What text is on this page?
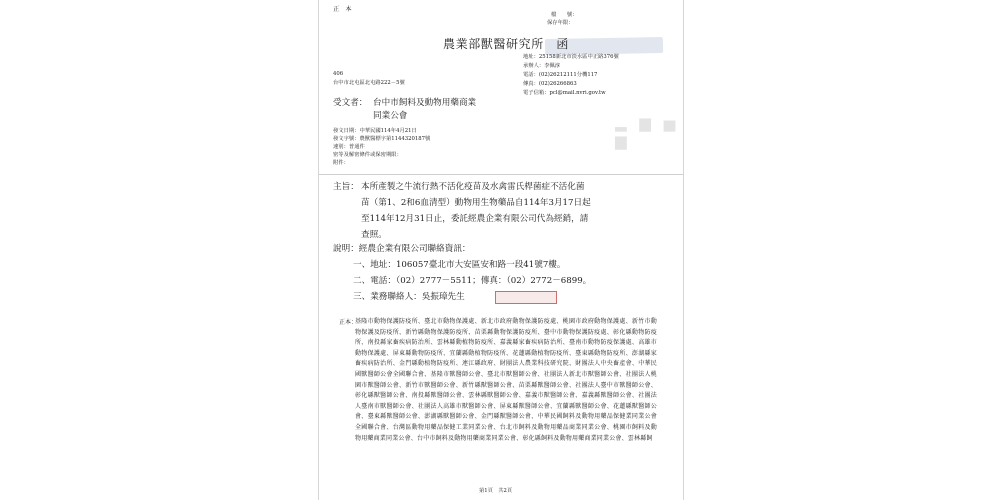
正　本
檔　　號：
保存年限：
農業部獸醫研究所　函
地址：25158新北市淡水區中正路376號
承辦人：李佩淳
電話：(02)26212111分機117
傳真：(02)26266863
電子信箱：pcl@mail.nvri.gov.tw
406
台中市北屯區北屯路222－5號
▂ ▆ ▅ ▆
受文者： 台中市飼料及動物用藥商業
同業公會
發文日期：中華民國114年4月21日
發文字號：農獸醫標字第1144320187號
速別：普通件
密等及解密條件或保密期限：
附件：
主旨： 本所產製之牛流行熱不活化疫苗及水禽雷氏桿菌症不活化菌
苗（第1、2和6血清型）動物用生物藥品自114年3月17日起
至114年12月31日止，委託經農企業有限公司代為經銷，請
查照。
說明：經農企業有限公司聯絡資訊：
一、地址：106057臺北市大安區安和路一段41號7樓。
二、電話：（02）2777－5511；傳真：（02）2772－6899。
三、業務聯絡人：吳振璋先生
正本：
基隆市動物保護防疫所、臺北市動物保護處、新北市政府動物保護防疫處、桃園市政府動物保護處、新竹市動物保護及防疫所、新竹縣動物保護防疫所、苗栗縣動物保護防疫所、臺中市動物保護防疫處、彰化縣動物防疫所、南投縣家畜疾病防治所、雲林縣動植物防疫所、嘉義縣家畜疾病防治所、臺南市動物防疫保護處、高雄市動物保護處、屏東縣動物防疫所、宜蘭縣動植物防疫所、花蓮縣動植物防疫所、臺東縣動物防疫所、澎湖縣家畜疾病防治所、金門縣動植物防疫所、連江縣政府、財團法人農業科技研究院、財團法人中央畜產會、中華民國獸醫師公會全國聯合會、基隆市獸醫師公會、臺北市獸醫師公會、社團法人新北市獸醫師公會、社團法人桃園市獸醫師公會、新竹市獸醫師公會、新竹縣獸醫師公會、苗栗縣獸醫師公會、社團法人臺中市獸醫師公會、彰化縣獸醫師公會、南投縣獸醫師公會、雲林縣獸醫師公會、嘉義市獸醫師公會、嘉義縣獸醫師公會、社團法人臺南市獸醫師公會、社團法人高雄市獸醫師公會、屏東縣獸醫師公會、宜蘭縣獸醫師公會、花蓮縣獸醫師公會、臺東縣獸醫師公會、澎湖縣獸醫師公會、金門縣獸醫師公會、中華民國飼料及動物用藥品保健業同業公會全國聯合會、台灣區動物用藥品保健工業同業公會、台北市飼料及動物用藥品商業同業公會、桃園市飼料及動物用藥商業同業公會、台中市飼料及動物用藥商業同業公會、彰化縣飼料及動物用藥商業同業公會、雲林縣飼
第1頁　共2頁
